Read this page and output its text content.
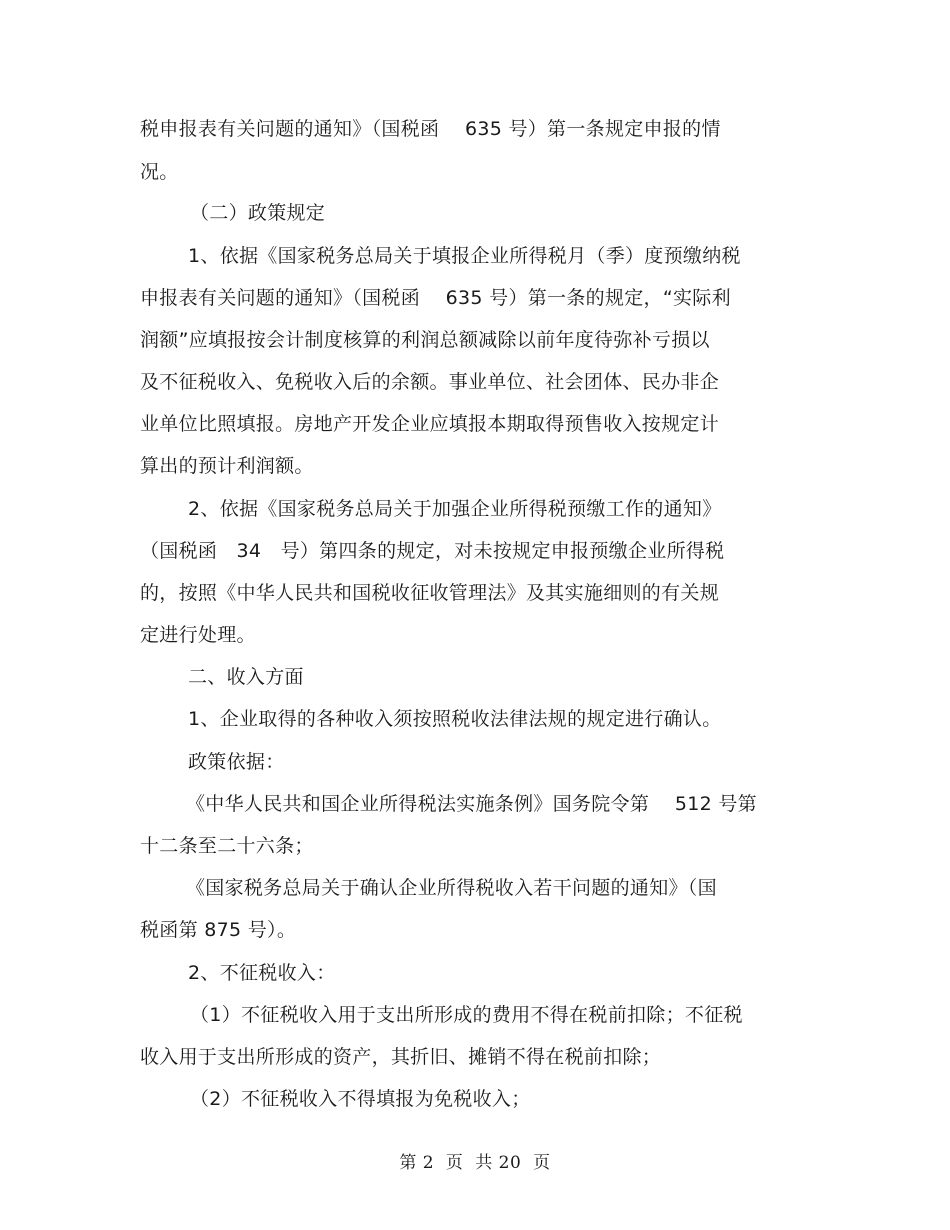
税申报表有关问题的通知》（国税函　 635 号）第一条规定申报的情
况。
（二）政策规定
1、依据《国家税务总局关于填报企业所得税月（季）度预缴纳税
申报表有关问题的通知》（国税函　 635 号）第一条的规定，“实际利
润额”应填报按会计制度核算的利润总额减除以前年度待弥补亏损以
及不征税收入、免税收入后的余额。事业单位、社会团体、民办非企
业单位比照填报。房地产开发企业应填报本期取得预售收入按规定计
算出的预计利润额。
2、依据《国家税务总局关于加强企业所得税预缴工作的通知》
（国税函　34　号）第四条的规定，对未按规定申报预缴企业所得税
的，按照《中华人民共和国税收征收管理法》及其实施细则的有关规
定进行处理。
二、收入方面
1、企业取得的各种收入须按照税收法律法规的规定进行确认。
政策依据：
《中华人民共和国企业所得税法实施条例》国务院令第　 512 号第
十二条至二十六条；
《国家税务总局关于确认企业所得税收入若干问题的通知》（国
税函第 875 号）。
2、不征税收入：
（1）不征税收入用于支出所形成的费用不得在税前扣除；不征税
收入用于支出所形成的资产，其折旧、摊销不得在税前扣除；
（2）不征税收入不得填报为免税收入；
第 2  页  共 20  页
